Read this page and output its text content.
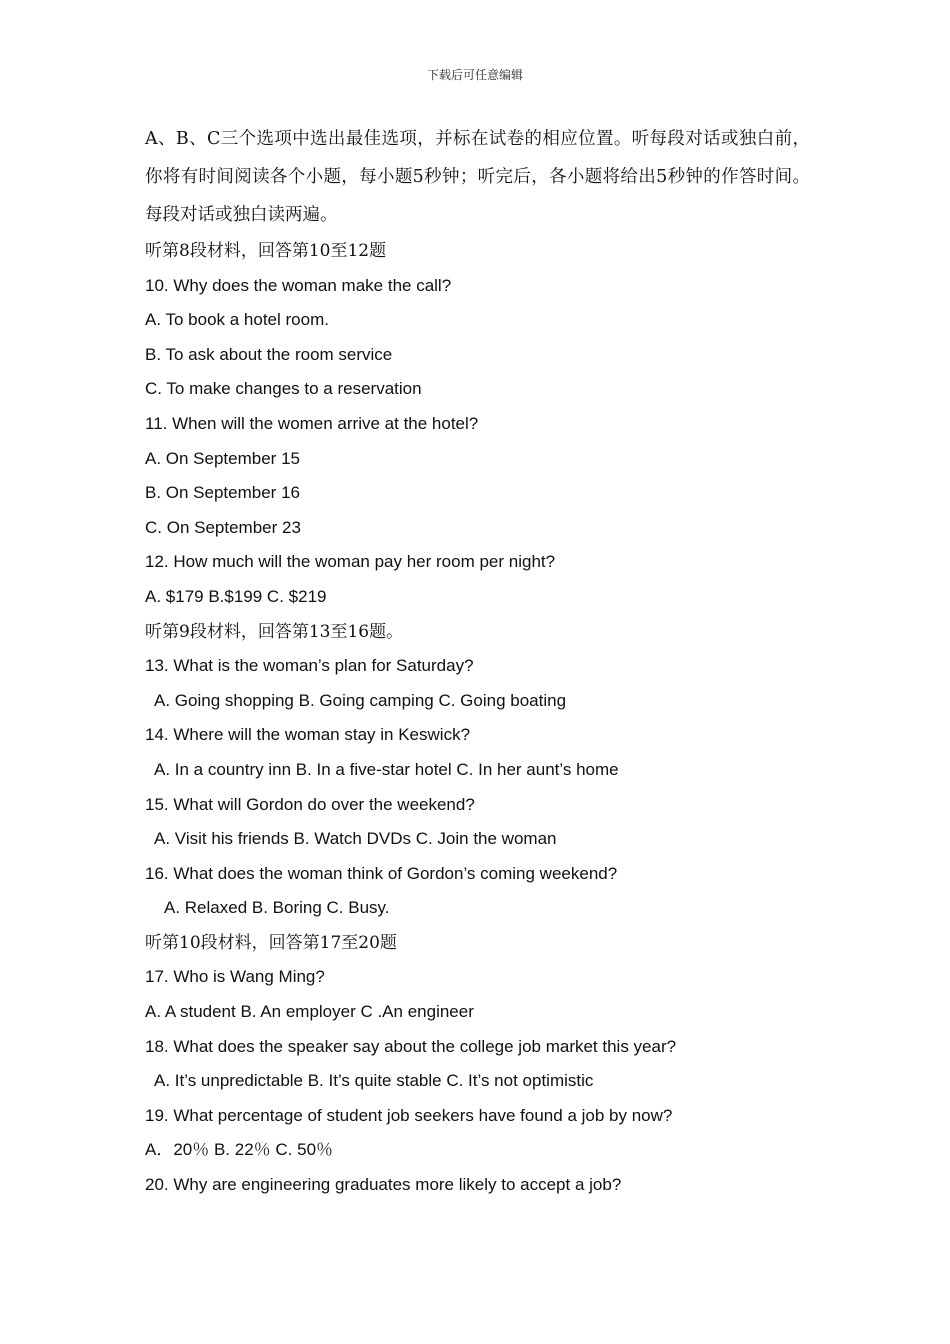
下载后可任意编辑

A、B、C三个选项中选出最佳选项，并标在试卷的相应位置。听每段对话或独白前，你将有时间阅读各个小题，每小题5秒钟；听完后，各小题将给出5秒钟的作答时间。每段对话或独白读两遍。

听第8段材料，回答第10至12题
10. Why does the woman make the call?
A. To book a hotel room.
B. To ask about the room service
C. To make changes to a reservation
11. When will the women arrive at the hotel?
A. On September 15
B. On September 16
C. On September 23
12. How much will the woman pay her room per night?
A. $179 B.$199 C. $219
听第9段材料，回答第13至16题。
13. What is the woman’s plan for Saturday?
A. Going shopping B. Going camping C. Going boating
14. Where will the woman stay in Keswick?
A. In a country inn B. In a five-star hotel C. In her aunt’s home
15. What will Gordon do over the weekend?
A. Visit his friends B. Watch DVDs C. Join the woman
16. What does the woman think of Gordon’s coming weekend?
A. Relaxed B. Boring C. Busy.
听第10段材料，回答第17至20题
17. Who is Wang Ming?
A. A student B. An employer C .An engineer
18. What does the speaker say about the college job market this year?
A. It’s unpredictable B. It’s quite stable C. It’s not optimistic
19. What percentage of student job seekers have found a job by now?
A．20％ B. 22％ C. 50％
20. Why are engineering graduates more likely to accept a job?
